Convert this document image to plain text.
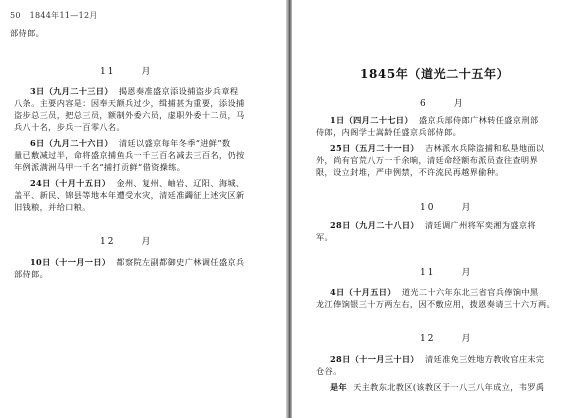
50 1844年11—12月
部侍郎。
11	月
3日（九月二十三日） 揭恩奏准盛京添设捕盗步兵章程
八条。主要内容是：因奉天额兵过少，缉捕甚为重要，添设捕
盗步总三员，把总三员，额制外委六员，虚职外委十二员，马
兵八十名，步兵一百零八名。
6日（九月二十六日） 清廷以盛京每年冬季“进鲜”数
量已敷减过半，命将盛京捕鱼兵一千三百名减去三百名，仍按
年例派满洲马甲一千名“捕打贡鲜”借资操练。
24日（十月十五日） 金州、复州、岫岩、辽阳、海城、
盖平、新民、锦县等地本年遭受水灾，清廷准蠲征上述灾区新
旧钱粮，并给口粮。
12	月
10日（十一月一日） 都察院左副都御史广林调任盛京兵
部侍郎。
1845年（道光二十五年）
6	月
1日（四月二十七日） 盛京兵部侍郎广林转任盛京刑部
侍郎，内阁学士嵩龄任盛京兵部侍郎。
25日（五月二十一日） 吉林派水兵除盗捕和私垦地面以
外，尚有官荒八万一千余晌，清廷命经额布派员查往查明界
限，设立封堆，严申例禁，不许流民再越界偷种。
10	月
28日（九月二十八日） 清廷调广州将军奕湘为盛京将
军。
11	月
4日（十月五日） 道光二十六年东北三省官兵俸饷中黑
龙江俸饷银三十万两左右，因不敷应用，拨恩奏请三十六万两。
12	月
28日（十一月三十日） 清廷准免三姓地方教收官庄未完
仓谷。
是年 天主教东北教区(该教区于一八三八年成立，韦罗禹
